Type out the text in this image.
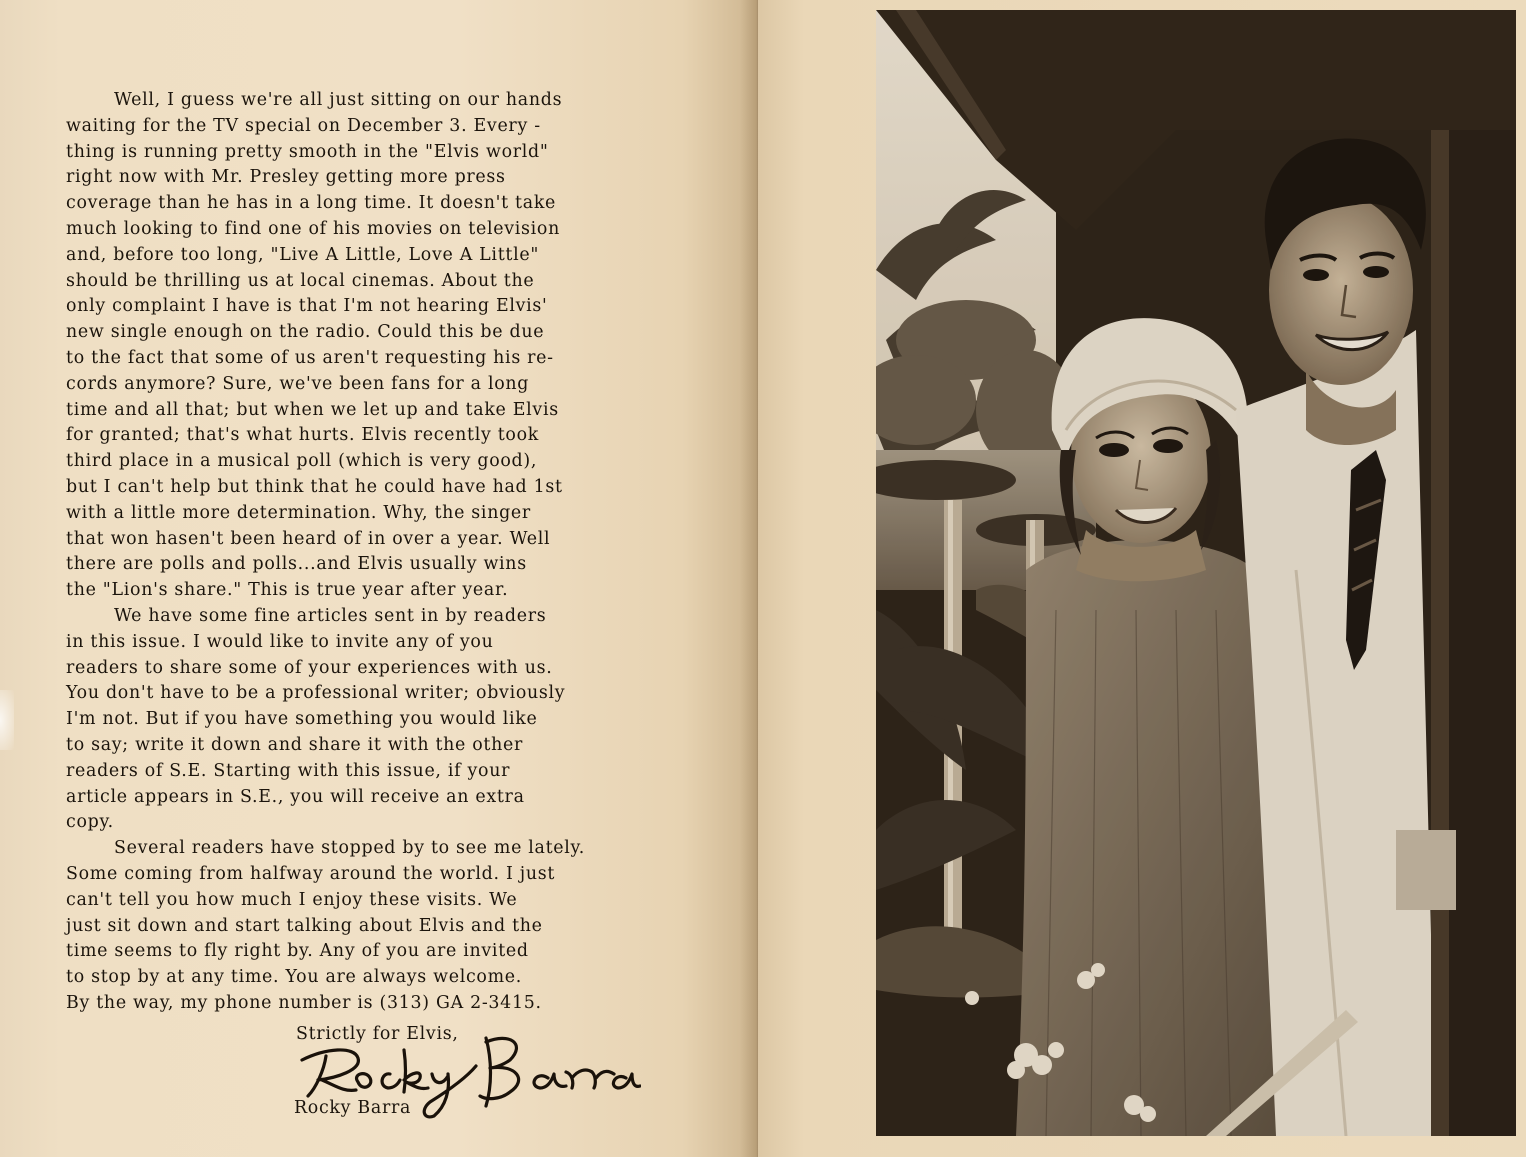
Well, I guess we're all just sitting on our hands
waiting for the TV special on December 3. Every -
thing is running pretty smooth in the "Elvis world"
right now with Mr. Presley getting more press
coverage than he has in a long time. It doesn't take
much looking to find one of his movies on television
and, before too long, "Live A Little, Love A Little"
should be thrilling us at local cinemas. About the
only complaint I have is that I'm not hearing Elvis'
new single enough on the radio. Could this be due
to the fact that some of us aren't requesting his re-
cords anymore? Sure, we've been fans for a long
time and all that; but when we let up and take Elvis
for granted; that's what hurts. Elvis recently took
third place in a musical poll (which is very good),
but I can't help but think that he could have had 1st
with a little more determination. Why, the singer
that won hasen't been heard of in over a year. Well
there are polls and polls...and Elvis usually wins
the "Lion's share." This is true year after year.
We have some fine articles sent in by readers
in this issue. I would like to invite any of you
readers to share some of your experiences with us.
You don't have to be a professional writer; obviously
I'm not. But if you have something you would like
to say; write it down and share it with the other
readers of S.E. Starting with this issue, if your
article appears in S.E., you will receive an extra
copy.
Several readers have stopped by to see me lately.
Some coming from halfway around the world. I just
can't tell you how much I enjoy these visits. We
just sit down and start talking about Elvis and the
time seems to fly right by. Any of you are invited
to stop by at any time. You are always welcome.
By the way, my phone number is (313) GA 2-3415.
Strictly for Elvis,
Rocky Barra
